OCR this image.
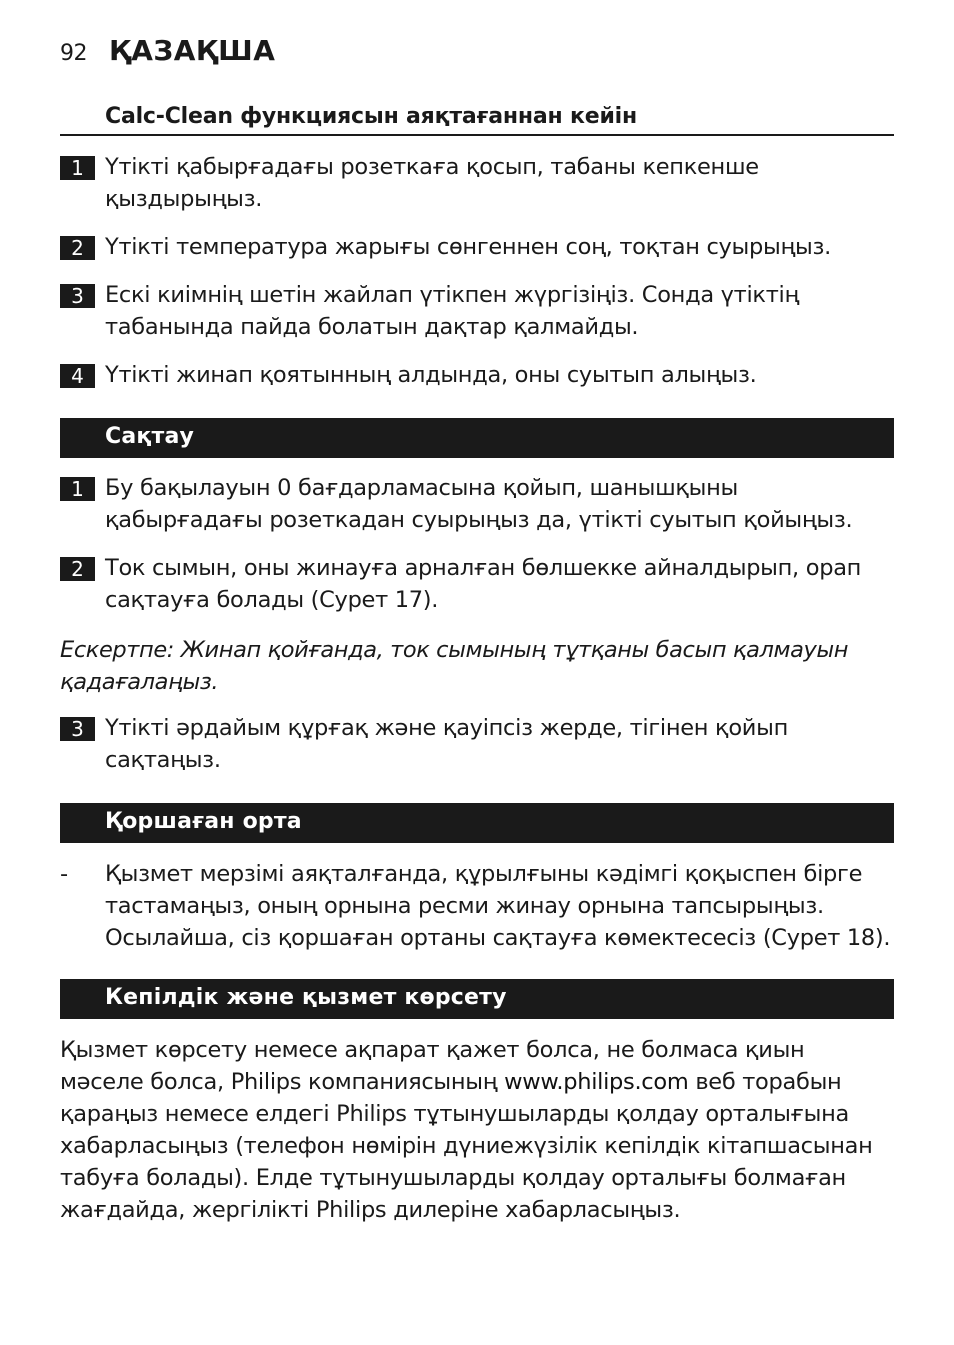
92 ҚАЗАҚША
Calc-Clean функциясын аяқтағаннан кейін
1 Үтікті қабырғадағы розеткаға қосып, табаны кепкенше қыздырыңыз.
2 Үтікті температура жарығы сөнгеннен соң, тоқтан суырыңыз.
3 Ескі киімнің шетін жайлап үтікпен жүргізіңіз. Сонда үтіктің табанында пайда болатын дақтар қалмайды.
4 Үтікті жинап қоятынның алдында, оны суытып алыңыз.
Сақтау
1 Бу бақылауын 0 бағдарламасына қойып, шанышқыны қабырғадағы розеткадан суырыңыз да, үтікті суытып қойыңыз.
2 Ток сымын, оны жинауға арналған бөлшекке айналдырып, орап сақтауға болады (Сурет 17).
Ескертпе: Жинап қойғанда, ток сымының тұтқаны басып қалмауын қадағалаңыз.
3 Үтікті әрдайым құрғақ және қауіпсіз жерде, тігінен қойып сақтаңыз.
Қоршаған орта
- Қызмет мерзімі аяқталғанда, құрылғыны кәдімгі қоқыспен бірге тастамаңыз, оның орнына ресми жинау орнына тапсырыңыз. Осылайша, сіз қоршаған ортаны сақтауға көмектесесіз (Сурет 18).
Кепілдік және қызмет көрсету
Қызмет көрсету немесе ақпарат қажет болса, не болмаса қиын мәселе болса, Philips компаниясының www.philips.com веб торабын қараңыз немесе елдегі Philips тұтынушыларды қолдау орталығына хабарласыңыз (телефон нөмірін дүниежүзілік кепілдік кітапшасынан табуға болады). Елде тұтынушыларды қолдау орталығы болмаған жағдайда, жергілікті Philips дилеріне хабарласыңыз.
